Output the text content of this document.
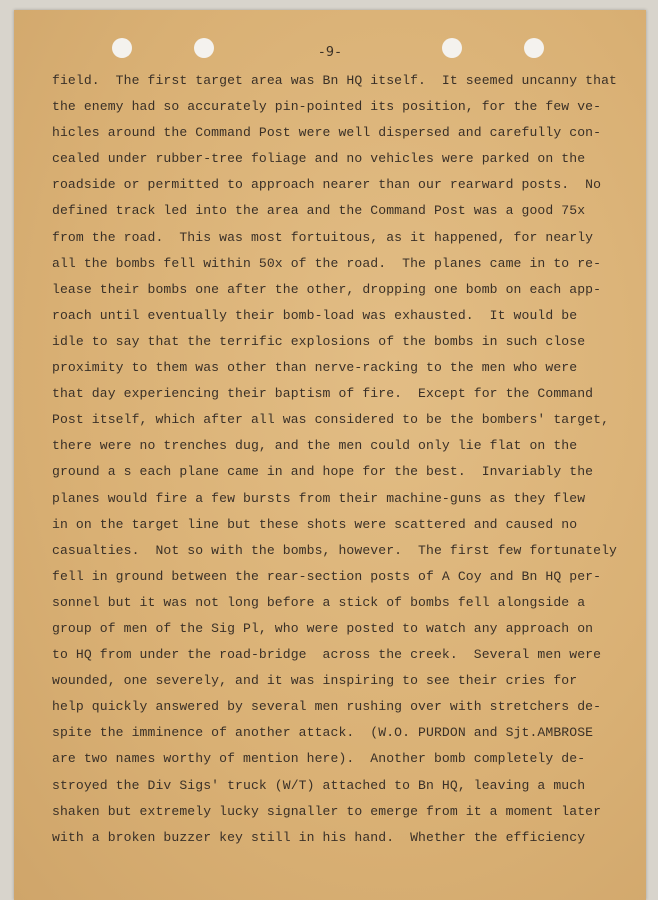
-9-
field.  The first target area was Bn HQ itself.  It seemed uncanny that
the enemy had so accurately pin-pointed its position, for the few ve-
hicles around the Command Post were well dispersed and carefully con-
cealed under rubber-tree foliage and no vehicles were parked on the
roadside or permitted to approach nearer than our rearward posts.  No
defined track led into the area and the Command Post was a good 75x
from the road.  This was most fortuitous, as it happened, for nearly
all the bombs fell within 50x of the road.  The planes came in to re-
lease their bombs one after the other, dropping one bomb on each app-
roach until eventually their bomb-load was exhausted.  It would be
idle to say that the terrific explosions of the bombs in such close
proximity to them was other than nerve-racking to the men who were
that day experiencing their baptism of fire.  Except for the Command
Post itself, which after all was considered to be the bombers' target,
there were no trenches dug, and the men could only lie flat on the
ground a s each plane came in and hope for the best.  Invariably the
planes would fire a few bursts from their machine-guns as they flew
in on the target line but these shots were scattered and caused no
casualties.  Not so with the bombs, however.  The first few fortunately
fell in ground between the rear-section posts of A Coy and Bn HQ per-
sonnel but it was not long before a stick of bombs fell alongside a
group of men of the Sig Pl, who were posted to watch any approach on
to HQ from under the road-bridge  across the creek.  Several men were
wounded, one severely, and it was inspiring to see their cries for
help quickly answered by several men rushing over with stretchers de-
spite the imminence of another attack.  (W.O. PURDON and Sjt.AMBROSE
are two names worthy of mention here).  Another bomb completely de-
stroyed the Div Sigs' truck (W/T) attached to Bn HQ, leaving a much
shaken but extremely lucky signaller to emerge from it a moment later
with a broken buzzer key still in his hand.  Whether the efficiency
